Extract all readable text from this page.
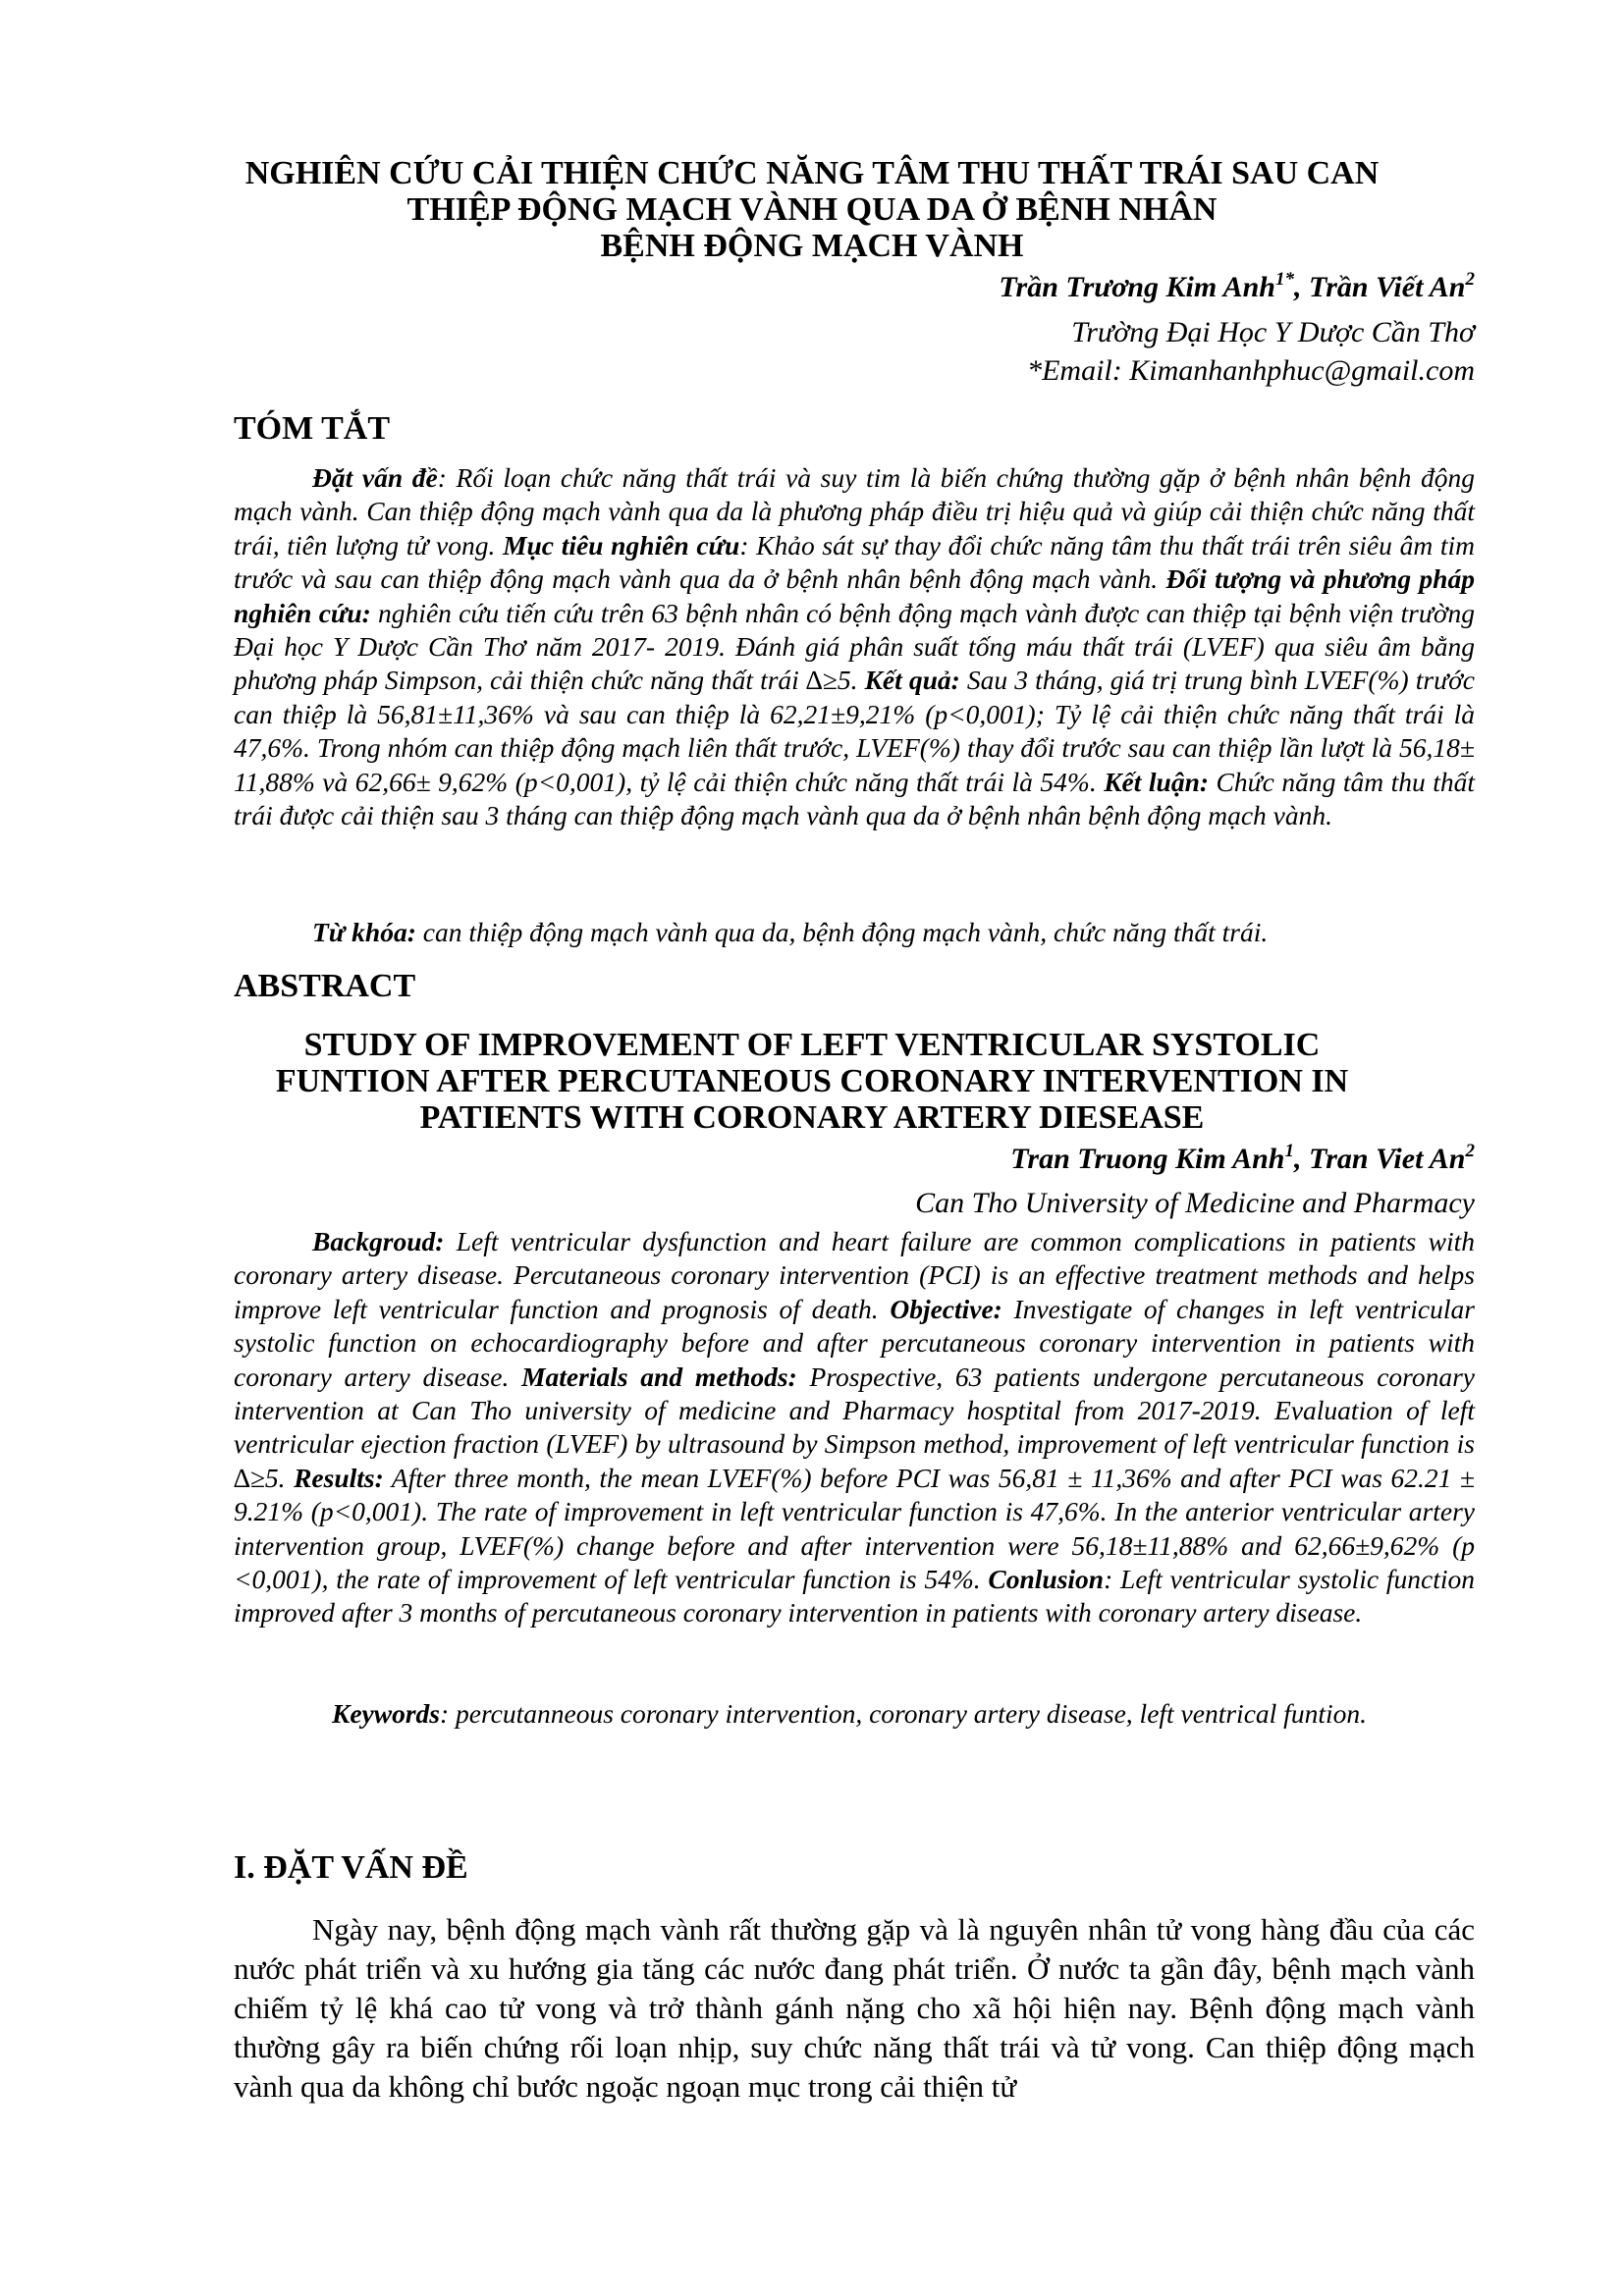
NGHIÊN CỨU CẢI THIỆN CHỨC NĂNG TÂM THU THẤT TRÁI SAU CAN
THIỆP ĐỘNG MẠCH VÀNH QUA DA Ở BỆNH NHÂN
BỆNH ĐỘNG MẠCH VÀNH
Trần Trương Kim Anh$^{1*}$, Trần Viết An$^2$
Trường Đại Học Y Dược Cần Thơ
*Email: Kimanhanhphuc@gmail.com
TÓM TẮT

Đặt vấn đề: Rối loạn chức năng thất trái và suy tim là biến chứng thường gặp ở bệnh nhân bệnh động mạch vành. Can thiệp động mạch vành qua da là phương pháp điều trị hiệu quả và giúp cải thiện chức năng thất trái, tiên lượng tử vong. Mục tiêu nghiên cứu: Khảo sát sự thay đổi chức năng tâm thu thất trái trên siêu âm tim trước và sau can thiệp động mạch vành qua da ở bệnh nhân bệnh động mạch vành. Đối tượng và phương pháp nghiên cứu: nghiên cứu tiến cứu trên 63 bệnh nhân có bệnh động mạch vành được can thiệp tại bệnh viện trường Đại học Y Dược Cần Thơ năm 2017- 2019. Đánh giá phân suất tống máu thất trái (LVEF) qua siêu âm bằng phương pháp Simpson, cải thiện chức năng thất trái ∆≥5. Kết quả: Sau 3 tháng, giá trị trung bình LVEF(%) trước can thiệp là 56,81±11,36% và sau can thiệp là 62,21±9,21% (p<0,001); Tỷ lệ cải thiện chức năng thất trái là 47,6%. Trong nhóm can thiệp động mạch liên thất trước, LVEF(%) thay đổi trước sau can thiệp lần lượt là 56,18± 11,88% và 62,66± 9,62% (p<0,001), tỷ lệ cải thiện chức năng thất trái là 54%. Kết luận: Chức năng tâm thu thất trái được cải thiện sau 3 tháng can thiệp động mạch vành qua da ở bệnh nhân bệnh động mạch vành.

Từ khóa: can thiệp động mạch vành qua da, bệnh động mạch vành, chức năng thất trái.
ABSTRACT
STUDY OF IMPROVEMENT OF LEFT VENTRICULAR SYSTOLIC
FUNTION AFTER PERCUTANEOUS CORONARY INTERVENTION IN
PATIENTS WITH CORONARY ARTERY DIESEASE
Tran Truong Kim Anh$^1$, Tran Viet An$^2$
Can Tho University of Medicine and Pharmacy

Backgroud: Left ventricular dysfunction and heart failure are common complications in patients with coronary artery disease. Percutaneous coronary intervention (PCI) is an effective treatment methods and helps improve left ventricular function and prognosis of death. Objective: Investigate of changes in left ventricular systolic function on echocardiography before and after percutaneous coronary intervention in patients with coronary artery disease. Materials and methods: Prospective, 63 patients undergone percutaneous coronary intervention at Can Tho university of medicine and Pharmacy hosptital from 2017-2019. Evaluation of left ventricular ejection fraction (LVEF) by ultrasound by Simpson method, improvement of left ventricular function is ∆≥5. Results: After three month, the mean LVEF(%) before PCI was 56,81 ± 11,36% and after PCI was 62.21 ± 9.21% (p<0,001). The rate of improvement in left ventricular function is 47,6%. In the anterior ventricular artery intervention group, LVEF(%) change before and after intervention were 56,18±11,88% and 62,66±9,62% (p <0,001), the rate of improvement of left ventricular function is 54%. Conlusion: Left ventricular systolic function improved after 3 months of percutaneous coronary intervention in patients with coronary artery disease.

Keywords: percutanneous coronary intervention, coronary artery disease, left ventrical funtion.
I. ĐẶT VẤN ĐỀ

Ngày nay, bệnh động mạch vành rất thường gặp và là nguyên nhân tử vong hàng đầu của các nước phát triển và xu hướng gia tăng các nước đang phát triển. Ở nước ta gần đây, bệnh mạch vành chiếm tỷ lệ khá cao tử vong và trở thành gánh nặng cho xã hội hiện nay. Bệnh động mạch vành thường gây ra biến chứng rối loạn nhịp, suy chức năng thất trái và tử vong. Can thiệp động mạch vành qua da không chỉ bước ngoặc ngoạn mục trong cải thiện tử
